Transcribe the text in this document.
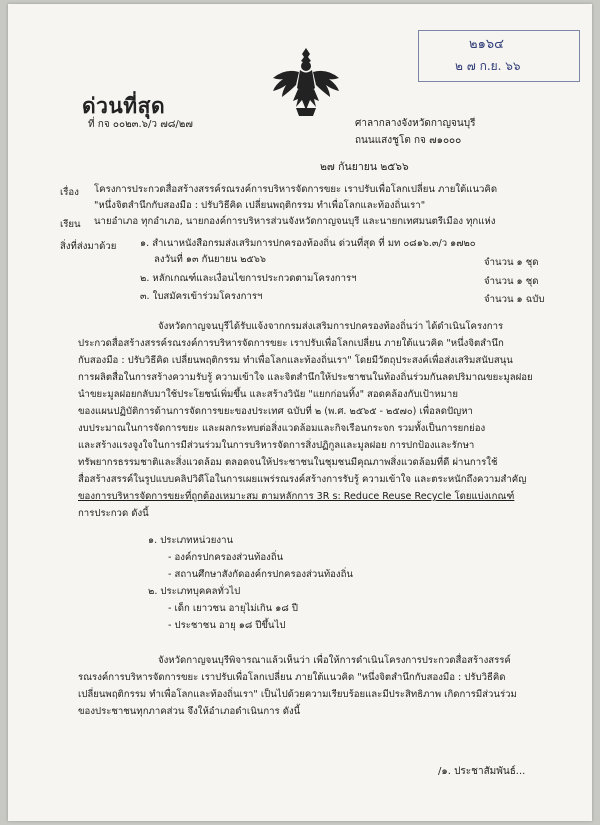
๒๑๖๔
๒ ๗ ก.ย. ๖๖
ด่วนที่สุด
ที่ กจ ๐๐๒๓.๖/ว ๗๘/๒๗	ศาลากลางจังหวัดกาญจนบุรี
ถนนแสงชูโต กจ ๗๑๐๐๐
๒๗ กันยายน ๒๕๖๖
เรื่อง โครงการประกวดสื่อสร้างสรรค์รณรงค์การบริหารจัดการขยะ เราปรับเพื่อโลกเปลี่ยน ภายใต้แนวคิด
"หนึ่งจิตสำนึกกับสองมือ : ปรับวิธีคิด เปลี่ยนพฤติกรรม ทำเพื่อโลกและท้องถิ่นเรา"
เรียน นายอำเภอ ทุกอำเภอ, นายกองค์การบริหารส่วนจังหวัดกาญจนบุรี และนายกเทศมนตรีเมือง ทุกแห่ง
สิ่งที่ส่งมาด้วย ๑. สำเนาหนังสือกรมส่งเสริมการปกครองท้องถิ่น ด่วนที่สุด ที่ มท ๐๘๑๖.๓/ว ๑๗๒๐
ลงวันที่ ๑๓ กันยายน ๒๕๖๖	จำนวน ๑ ชุด
๒. หลักเกณฑ์และเงื่อนไขการประกวดตามโครงการฯ	จำนวน ๑ ชุด
๓. ใบสมัครเข้าร่วมโครงการฯ	จำนวน ๑ ฉบับ
จังหวัดกาญจนบุรีได้รับแจ้งจากกรมส่งเสริมการปกครองท้องถิ่นว่า ได้ดำเนินโครงการ
ประกวดสื่อสร้างสรรค์รณรงค์การบริหารจัดการขยะ เราปรับเพื่อโลกเปลี่ยน ภายใต้แนวคิด "หนึ่งจิตสำนึก
กับสองมือ : ปรับวิธีคิด เปลี่ยนพฤติกรรม ทำเพื่อโลกและท้องถิ่นเรา" โดยมีวัตถุประสงค์เพื่อส่งเสริมสนับสนุน
การผลิตสื่อในการสร้างความรับรู้ ความเข้าใจ และจิตสำนึกให้ประชาชนในท้องถิ่นร่วมกันลดปริมาณขยะมูลฝอย
นำขยะมูลฝอยกลับมาใช้ประโยชน์เพิ่มขึ้น และสร้างวินัย "แยกก่อนทิ้ง" สอดคล้องกับเป้าหมาย
ของแผนปฏิบัติการด้านการจัดการขยะของประเทศ ฉบับที่ ๒ (พ.ศ. ๒๕๖๕ - ๒๕๗๐) เพื่อลดปัญหา
งบประมาณในการจัดการขยะ และผลกระทบต่อสิ่งแวดล้อมและกิจเรือนกระจก รวมทั้งเป็นการยกย่อง
และสร้างแรงจูงใจในการมีส่วนร่วมในการบริหารจัดการสิ่งปฏิกูลและมูลฝอย การปกป้องและรักษา
ทรัพยากรธรรมชาติและสิ่งแวดล้อม ตลอดจนให้ประชาชนในชุมชนมีคุณภาพสิ่งแวดล้อมที่ดี ผ่านการใช้
สื่อสร้างสรรค์ในรูปแบบคลิปวิดีโอในการเผยแพร่รณรงค์สร้างการรับรู้ ความเข้าใจ และตระหนักถึงความสำคัญ
ของการบริหารจัดการขยะที่ถูกต้องเหมาะสม ตามหลักการ 3R s: Reduce Reuse Recycle โดยแบ่งเกณฑ์
การประกวด ดังนี้
๑. ประเภทหน่วยงาน
- องค์กรปกครองส่วนท้องถิ่น
- สถานศึกษาสังกัดองค์กรปกครองส่วนท้องถิ่น
๒. ประเภทบุคคลทั่วไป
- เด็ก เยาวชน อายุไม่เกิน ๑๘ ปี
- ประชาชน อายุ ๑๘ ปีขึ้นไป
จังหวัดกาญจนบุรีพิจารณาแล้วเห็นว่า เพื่อให้การดำเนินโครงการประกวดสื่อสร้างสรรค์
รณรงค์การบริหารจัดการขยะ เราปรับเพื่อโลกเปลี่ยน ภายใต้แนวคิด "หนึ่งจิตสำนึกกับสองมือ : ปรับวิธีคิด
เปลี่ยนพฤติกรรม ทำเพื่อโลกและท้องถิ่นเรา" เป็นไปด้วยความเรียบร้อยและมีประสิทธิภาพ เกิดการมีส่วนร่วม
ของประชาชนทุกภาคส่วน จึงให้อำเภอดำเนินการ ดังนี้
/๑. ประชาสัมพันธ์...
